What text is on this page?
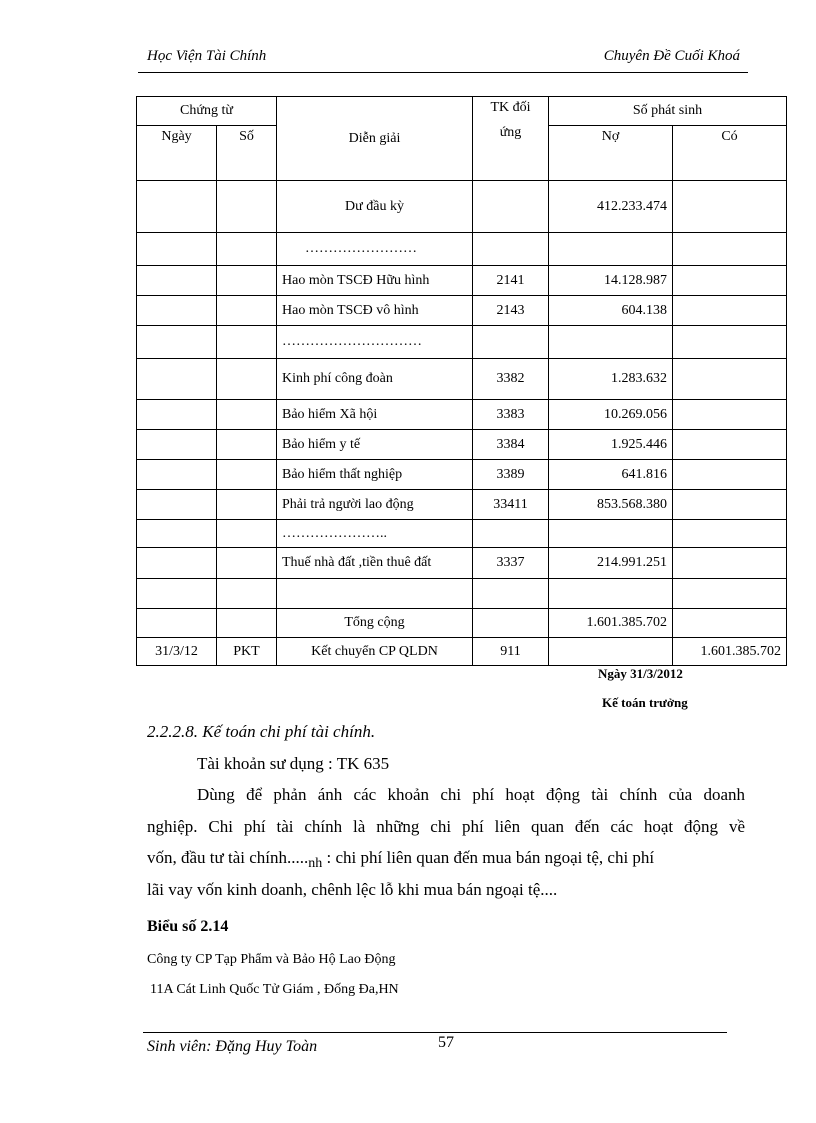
Học Viện Tài Chính	Chuyên Đề Cuối Khoá
Chứng từ		Diễn giải	TK đối
ứng	Số phát sinh	
Ngày	Số			Nợ	Có
		Dư đầu kỳ		412.233.474	
		……………………			
		Hao mòn TSCĐ Hữu hình	2141	14.128.987	
		Hao mòn TSCĐ vô hình	2143	604.138	
		…………………………			
		Kinh phí công đoàn	3382	1.283.632	
		Bảo hiểm Xã hội	3383	10.269.056	
		Bảo hiểm y tế	3384	1.925.446	
		Bảo hiểm thất nghiệp	3389	641.816	
		Phải trả người lao động	33411	853.568.380	
		…………………..			
		Thuế nhà đất ,tiền thuê đất	3337	214.991.251	

		Tổng cộng		1.601.385.702	
31/3/12	PKT	Kết chuyển CP QLDN	911		1.601.385.702
Ngày 31/3/2012
Kế toán trưởng
2.2.2.8. Kế toán chi phí tài chính.
Tài khoản sư dụng : TK 635
Dùng để phản ánh các khoản chi phí hoạt động tài chính của doanh
nghiệp. Chi phí tài chính là những chi phí liên quan đến các hoạt động về
vốn, đầu tư tài $chính....._{nh}$ : chi phí liên quan đến mua bán ngoại tệ, chi phí
lãi vay vốn kinh doanh, chênh lệc lỗ khi mua bán ngoại tệ....
Biểu số 2.14
Công ty CP Tạp Phẩm và Bảo Hộ Lao Động
11A Cát Linh Quốc Tử Giám , Đống Đa,HN
Sinh viên: Đặng Huy Toàn	57
